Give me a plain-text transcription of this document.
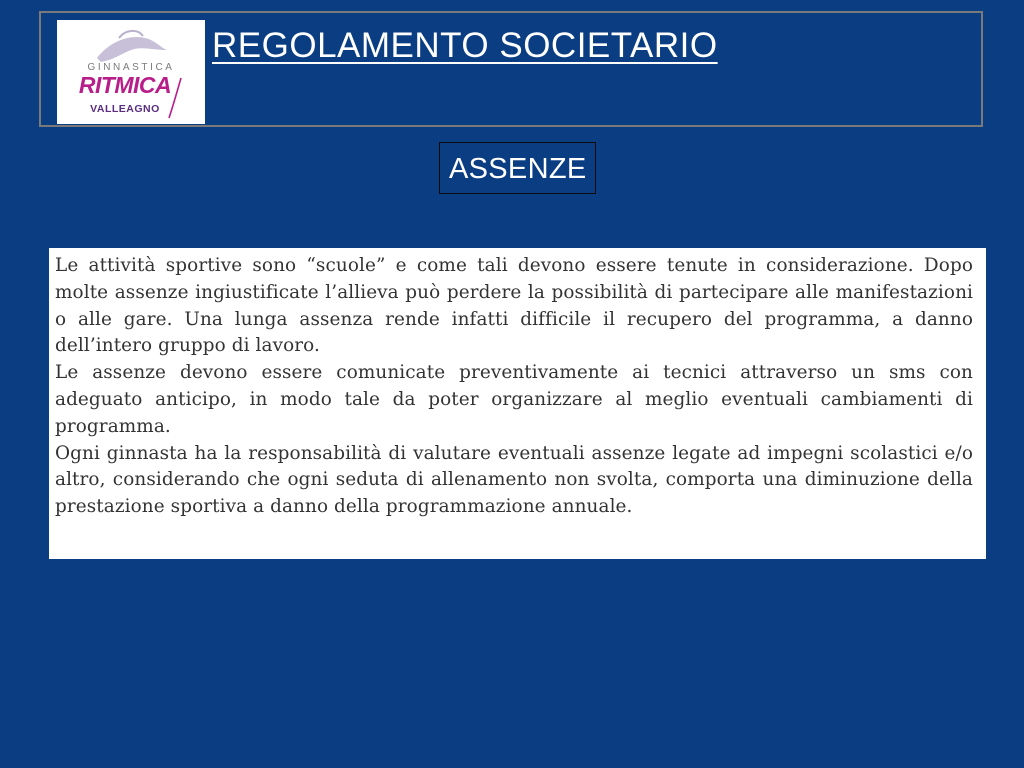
GINNASTICA
RITMICA
VALLEAGNO
REGOLAMENTO SOCIETARIO
ASSENZE

Le attività sportive sono “scuole” e come tali devono essere tenute in considerazione. Dopo molte assenze ingiustificate l’allieva può perdere la possibilità di partecipare alle manifestazioni o alle gare. Una lunga assenza rende infatti difficile il recupero del programma, a danno dell’intero gruppo di lavoro.

Le assenze devono essere comunicate preventivamente ai tecnici attraverso un sms con adeguato anticipo, in modo tale da poter organizzare al meglio eventuali cambiamenti di programma.

Ogni ginnasta ha la responsabilità di valutare eventuali assenze legate ad impegni scolastici e/o altro, considerando che ogni seduta di allenamento non svolta, comporta una diminuzione della prestazione sportiva a danno della programmazione annuale.
